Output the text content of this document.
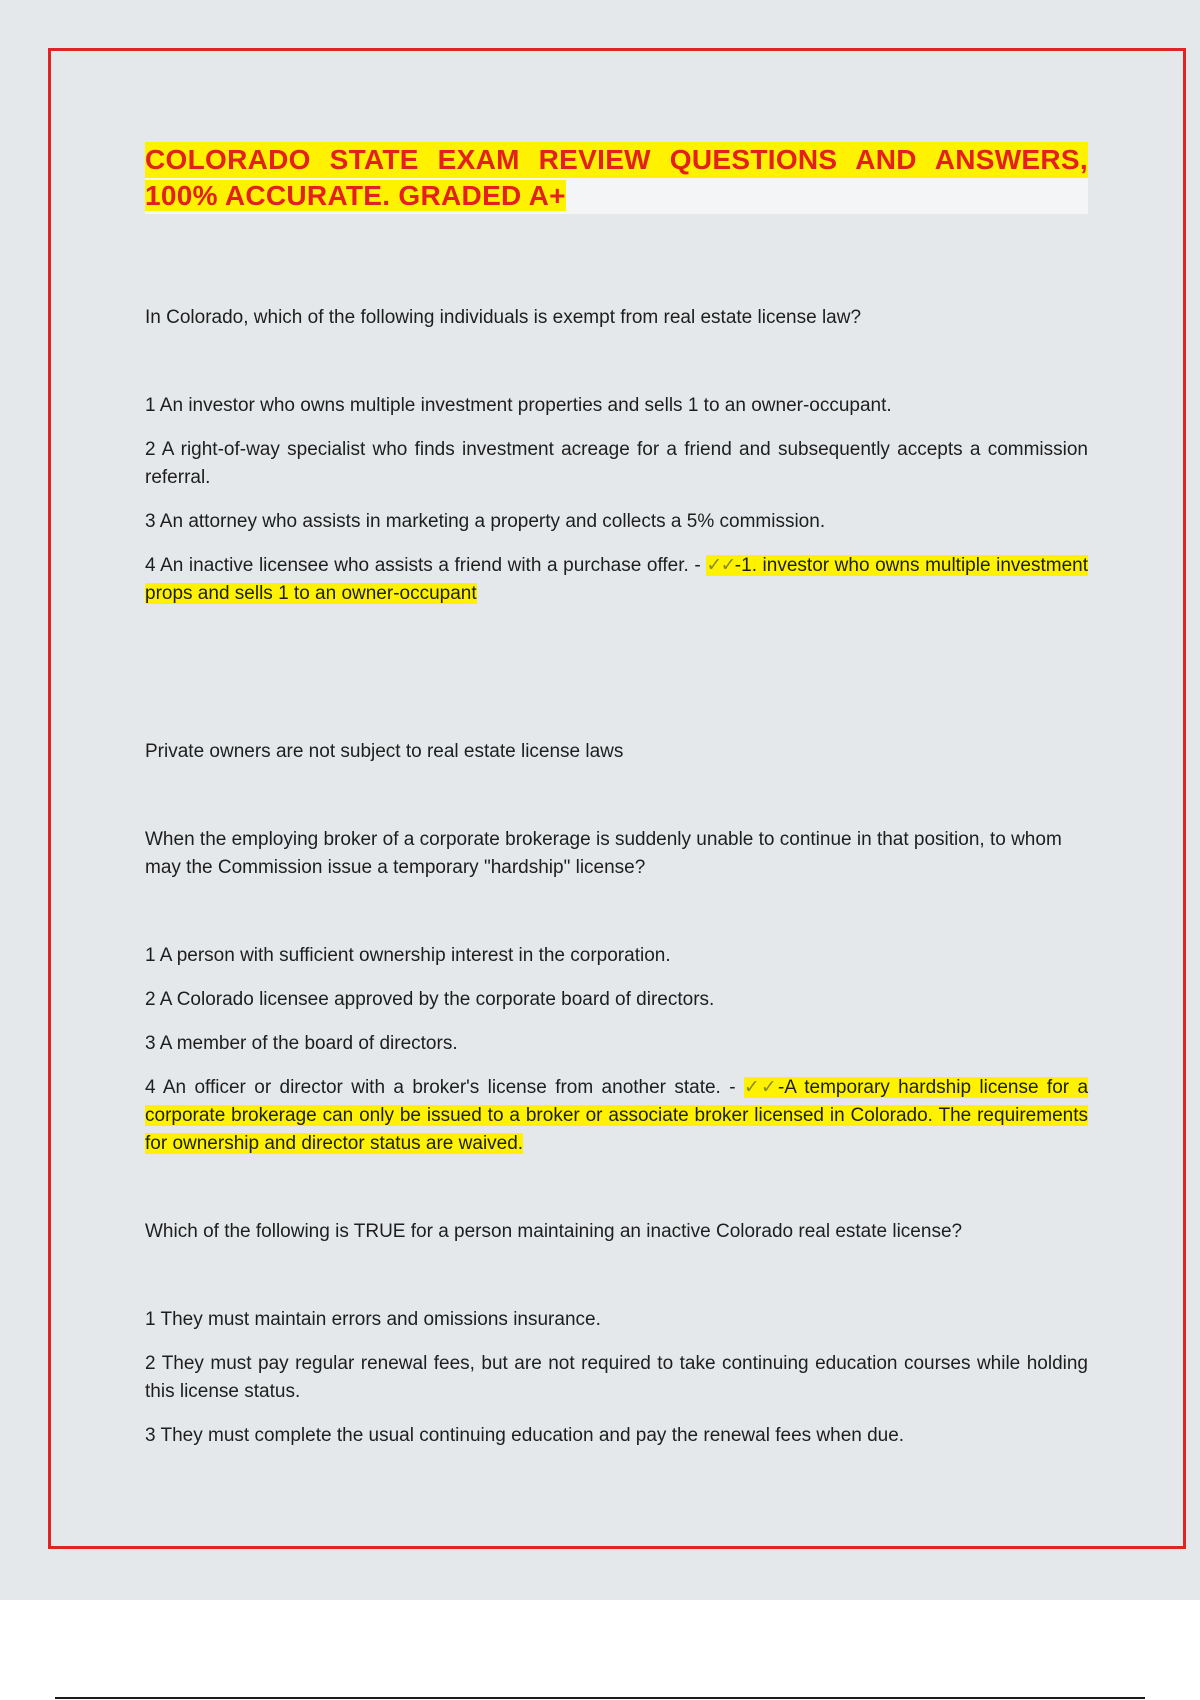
COLORADO STATE EXAM REVIEW QUESTIONS AND ANSWERS,
100% ACCURATE. GRADED A+

In Colorado, which of the following individuals is exempt from real estate license law?

1 An investor who owns multiple investment properties and sells 1 to an owner-occupant.

2 A right-of-way specialist who finds investment acreage for a friend and subsequently accepts a commission referral.

3 An attorney who assists in marketing a property and collects a 5% commission.

4 An inactive licensee who assists a friend with a purchase offer. - ✓✓-1. investor who owns multiple investment props and sells 1 to an owner-occupant

Private owners are not subject to real estate license laws

When the employing broker of a corporate brokerage is suddenly unable to continue in that position, to whom may the Commission issue a temporary "hardship" license?

1 A person with sufficient ownership interest in the corporation.

2 A Colorado licensee approved by the corporate board of directors.

3 A member of the board of directors.

4 An officer or director with a broker's license from another state. - ✓✓-A temporary hardship license for a corporate brokerage can only be issued to a broker or associate broker licensed in Colorado. The requirements for ownership and director status are waived.

Which of the following is TRUE for a person maintaining an inactive Colorado real estate license?

1 They must maintain errors and omissions insurance.

2 They must pay regular renewal fees, but are not required to take continuing education courses while holding this license status.

3 They must complete the usual continuing education and pay the renewal fees when due.
